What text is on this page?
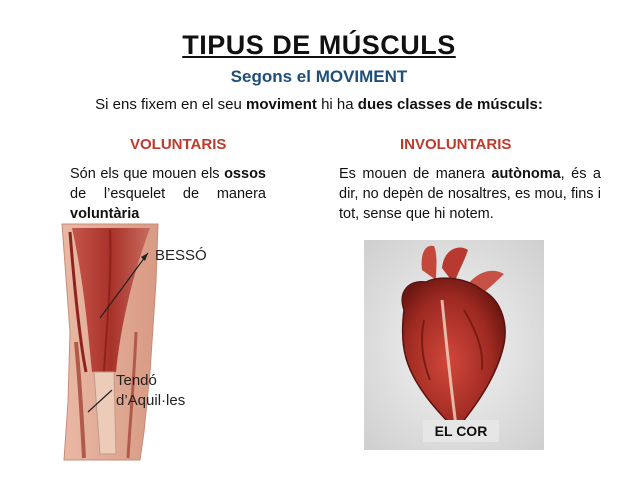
TIPUS DE MÚSCULS
Segons el MOVIMENT
Si ens fixem en el seu moviment hi ha dues classes de músculs:
VOLUNTARIS
Són els que mouen els ossos de l’esquelet de manera voluntària
BESSÓ
Tendó
d’Aquil·les
INVOLUNTARIS
Es mouen de manera autònoma, és a dir, no depèn de nosaltres, es mou, fins i tot, sense que hi notem.
EL COR
